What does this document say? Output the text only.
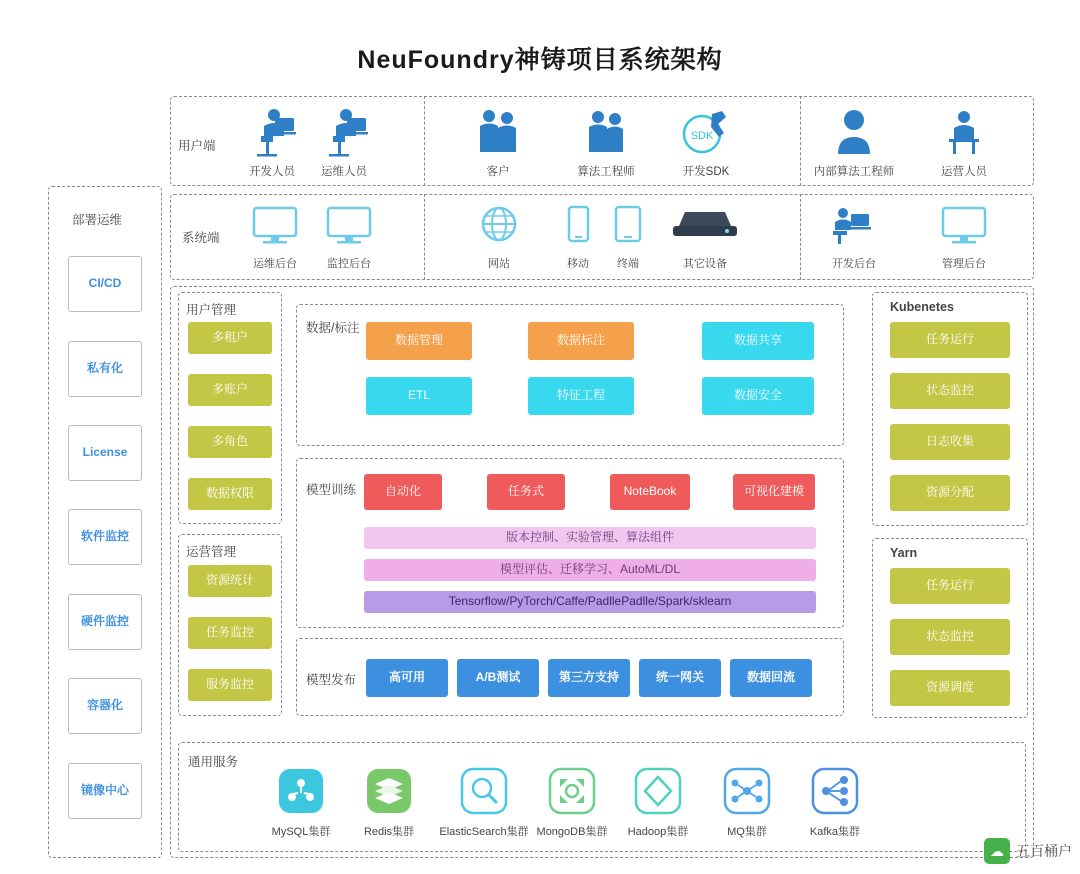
NeuFoundry神铸项目系统架构
用户端
开发人员	运维人员	客户	算法工程师
SDK
开发SDK	内部算法工程师	运营人员
系统端
运维后台	监控后台	网站	移动	终端	其它设备	开发后台	管理后台
部署运维
CI/CD
私有化
License
软件监控
硬件监控
容器化
镜像中心
用户管理
多租户
多账户
多角色
数据权限
运营管理
资源统计
任务监控
服务监控
数据/标注
数据管理	数据标注	数据共享
ETL	特征工程	数据安全
模型训练	自动化	任务式	NoteBook	可视化建模
版本控制、实验管理、算法组件
模型评估、迁移学习、AutoML/DL
Tensorflow/PyTorch/Caffe/PadllePadlle/Spark/sklearn
模型发布	高可用	A/B测试	第三方支持	统一网关	数据回流
Kubenetes
任务运行
状态监控
日志收集
资源分配
Yarn
任务运行
状态监控
资源调度
通用服务
MySQL集群	Redis集群	ElasticSearch集群 MongoDB集群	Hadoop集群	MQ集群	Kafka集群
☁ 五百桶户
